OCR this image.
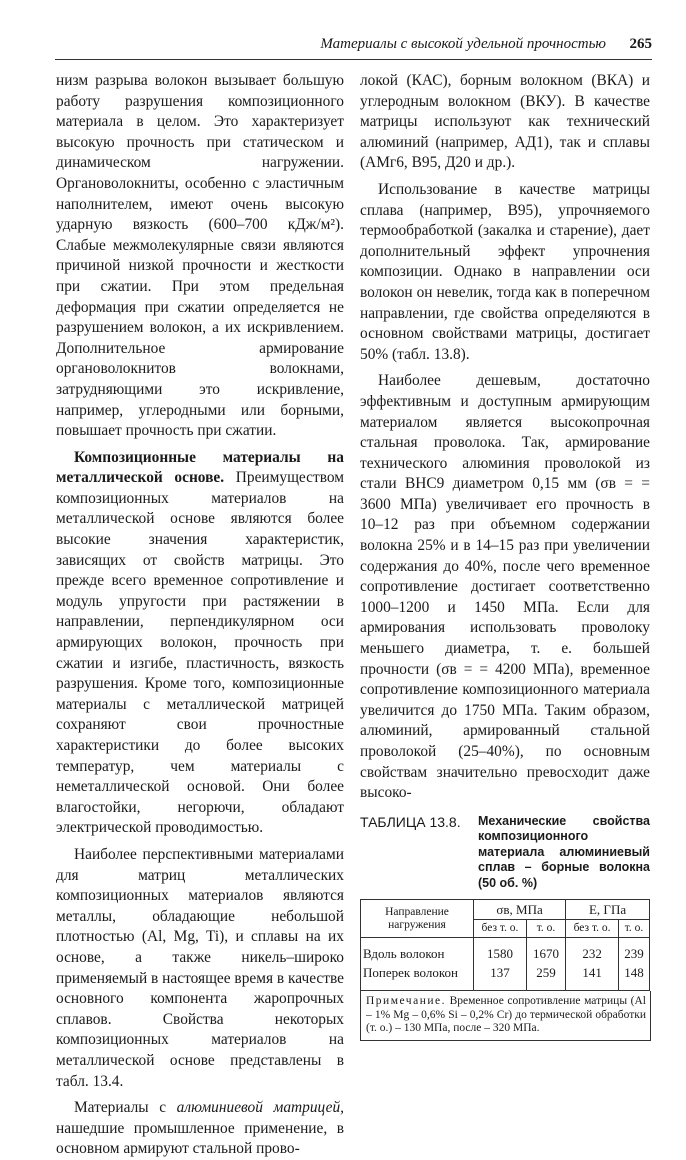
Материалы с высокой удельной прочностью 265

низм разрыва волокон вызывает большую работу разрушения композиционного материала в целом. Это характеризует высокую прочность при статическом и динамическом нагружении. Органоволокниты, особенно с эластичным наполнителем, имеют очень высокую ударную вязкость (600–700 кДж/м²). Слабые межмолекулярные связи являются причиной низкой прочности и жесткости при сжатии. При этом предельная деформация при сжатии определяется не разрушением волокон, а их искривлением. Дополнительное армирование органоволокнитов волокнами, затрудняющими это искривление, например, углеродными или борными, повышает прочность при сжатии.

Композиционные материалы на металлической основе. Преимуществом композиционных материалов на металлической основе являются более высокие значения характеристик, зависящих от свойств матрицы. Это прежде всего временное сопротивление и модуль упругости при растяжении в направлении, перпендикулярном оси армирующих волокон, прочность при сжатии и изгибе, пластичность, вязкость разрушения. Кроме того, композиционные материалы с металлической матрицей сохраняют свои прочностные характеристики до более высоких температур, чем материалы с неметаллической основой. Они более влагостойки, негорючи, обладают электрической проводимостью.

Наиболее перспективными материалами для матриц металлических композиционных материалов являются металлы, обладающие небольшой плотностью (Al, Mg, Ti), и сплавы на их основе, а также никель–широко применяемый в настоящее время в качестве основного компонента жаропрочных сплавов. Свойства некоторых композиционных материалов на металлической основе представлены в табл. 13.4.

Материалы с алюминиевой матрицей, нашедшие промышленное применение, в основном армируют стальной прово-

локой (КАС), борным волокном (ВКА) и углеродным волокном (ВКУ). В качестве матрицы используют как технический алюминий (например, АД1), так и сплавы (АМг6, В95, Д20 и др.).

Использование в качестве матрицы сплава (например, В95), упрочняемого термообработкой (закалка и старение), дает дополнительный эффект упрочнения композиции. Однако в направлении оси волокон он невелик, тогда как в поперечном направлении, где свойства определяются в основном свойствами матрицы, достигает 50% (табл. 13.8).

Наиболее дешевым, достаточно эффективным и доступным армирующим материалом является высокопрочная стальная проволока. Так, армирование технического алюминия проволокой из стали ВНС9 диаметром 0,15 мм (σв = = 3600 МПа) увеличивает его прочность в 10–12 раз при объемном содержании волокна 25% и в 14–15 раз при увеличении содержания до 40%, после чего временное сопротивление достигает соответственно 1000–1200 и 1450 МПа. Если для армирования использовать проволоку меньшего диаметра, т. е. большей прочности (σв = = 4200 МПа), временное сопротивление композиционного материала увеличится до 1750 МПа. Таким образом, алюминий, армированный стальной проволокой (25–40%), по основным свойствам значительно превосходит даже высоко-

ТАБЛИЦА 13.8. Механические свойства композиционного материала алюминиевый сплав – борные волокна (50 об. %)
Направление нагружения	σв, МПа		E, ГПа	
	без т. о.	т. о.	без т. о.	т. о.
Вдоль волокон	1580	1670	232	239
Поперек волокон	137	259	141	148
Примечание. Временное сопротивление матрицы (Al – 1% Mg – 0,6% Si – 0,2% Cr) до термической обработки (т. о.) – 130 МПа, после – 320 МПа.
